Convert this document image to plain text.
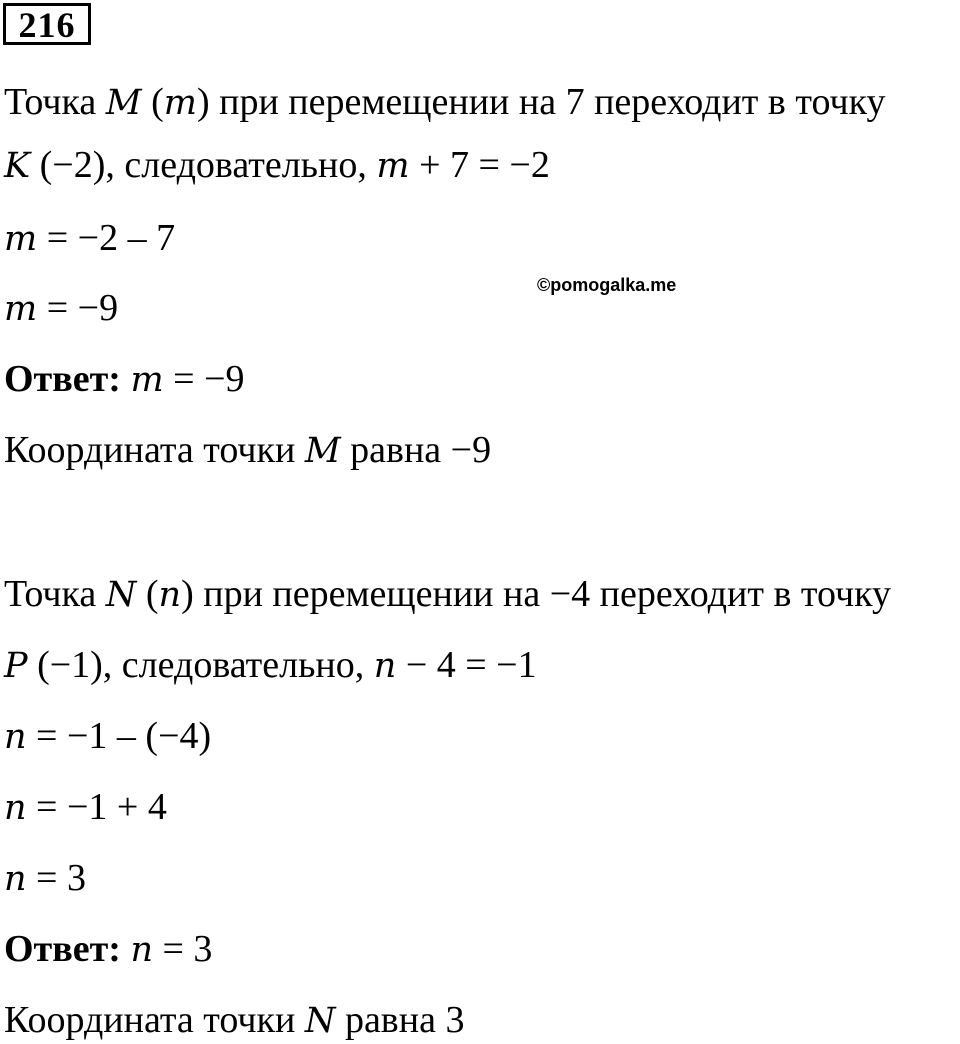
216
Точка M (m) при перемещении на 7 переходит в точку
K (−2), следовательно, m + 7 = −2
m = −2 – 7
©pomogalka.me
m = −9
Ответ: m = −9
Координата точки M равна −9
Точка N (n) при перемещении на −4 переходит в точку
P (−1), следовательно, n − 4 = −1
n = −1 – (−4)
n = −1 + 4
n = 3
Ответ: n = 3
Координата точки N равна 3
